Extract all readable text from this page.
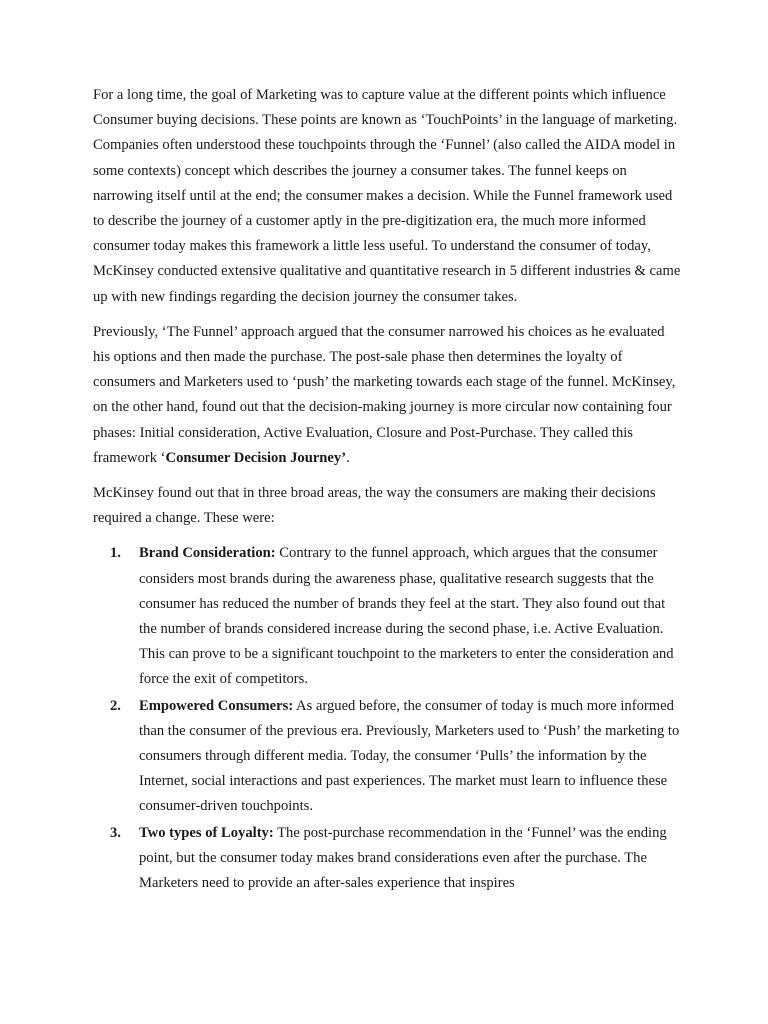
For a long time, the goal of Marketing was to capture value at the different points which influence Consumer buying decisions. These points are known as ‘TouchPoints’ in the language of marketing. Companies often understood these touchpoints through the ‘Funnel’ (also called the AIDA model in some contexts) concept which describes the journey a consumer takes. The funnel keeps on narrowing itself until at the end; the consumer makes a decision. While the Funnel framework used to describe the journey of a customer aptly in the pre-digitization era, the much more informed consumer today makes this framework a little less useful. To understand the consumer of today, McKinsey conducted extensive qualitative and quantitative research in 5 different industries & came up with new findings regarding the decision journey the consumer takes.

Previously, ‘The Funnel’ approach argued that the consumer narrowed his choices as he evaluated his options and then made the purchase. The post-sale phase then determines the loyalty of consumers and Marketers used to ‘push’ the marketing towards each stage of the funnel. McKinsey, on the other hand, found out that the decision-making journey is more circular now containing four phases: Initial consideration, Active Evaluation, Closure and Post-Purchase. They called this framework ‘Consumer Decision Journey’.

McKinsey found out that in three broad areas, the way the consumers are making their decisions required a change. These were:

1. Brand Consideration: Contrary to the funnel approach, which argues that the consumer considers most brands during the awareness phase, qualitative research suggests that the consumer has reduced the number of brands they feel at the start. They also found out that the number of brands considered increase during the second phase, i.e. Active Evaluation. This can prove to be a significant touchpoint to the marketers to enter the consideration and force the exit of competitors.
2. Empowered Consumers: As argued before, the consumer of today is much more informed than the consumer of the previous era. Previously, Marketers used to ‘Push’ the marketing to consumers through different media. Today, the consumer ‘Pulls’ the information by the Internet, social interactions and past experiences. The market must learn to influence these consumer-driven touchpoints.
3. Two types of Loyalty: The post-purchase recommendation in the ‘Funnel’ was the ending point, but the consumer today makes brand considerations even after the purchase. The Marketers need to provide an after-sales experience that inspires
